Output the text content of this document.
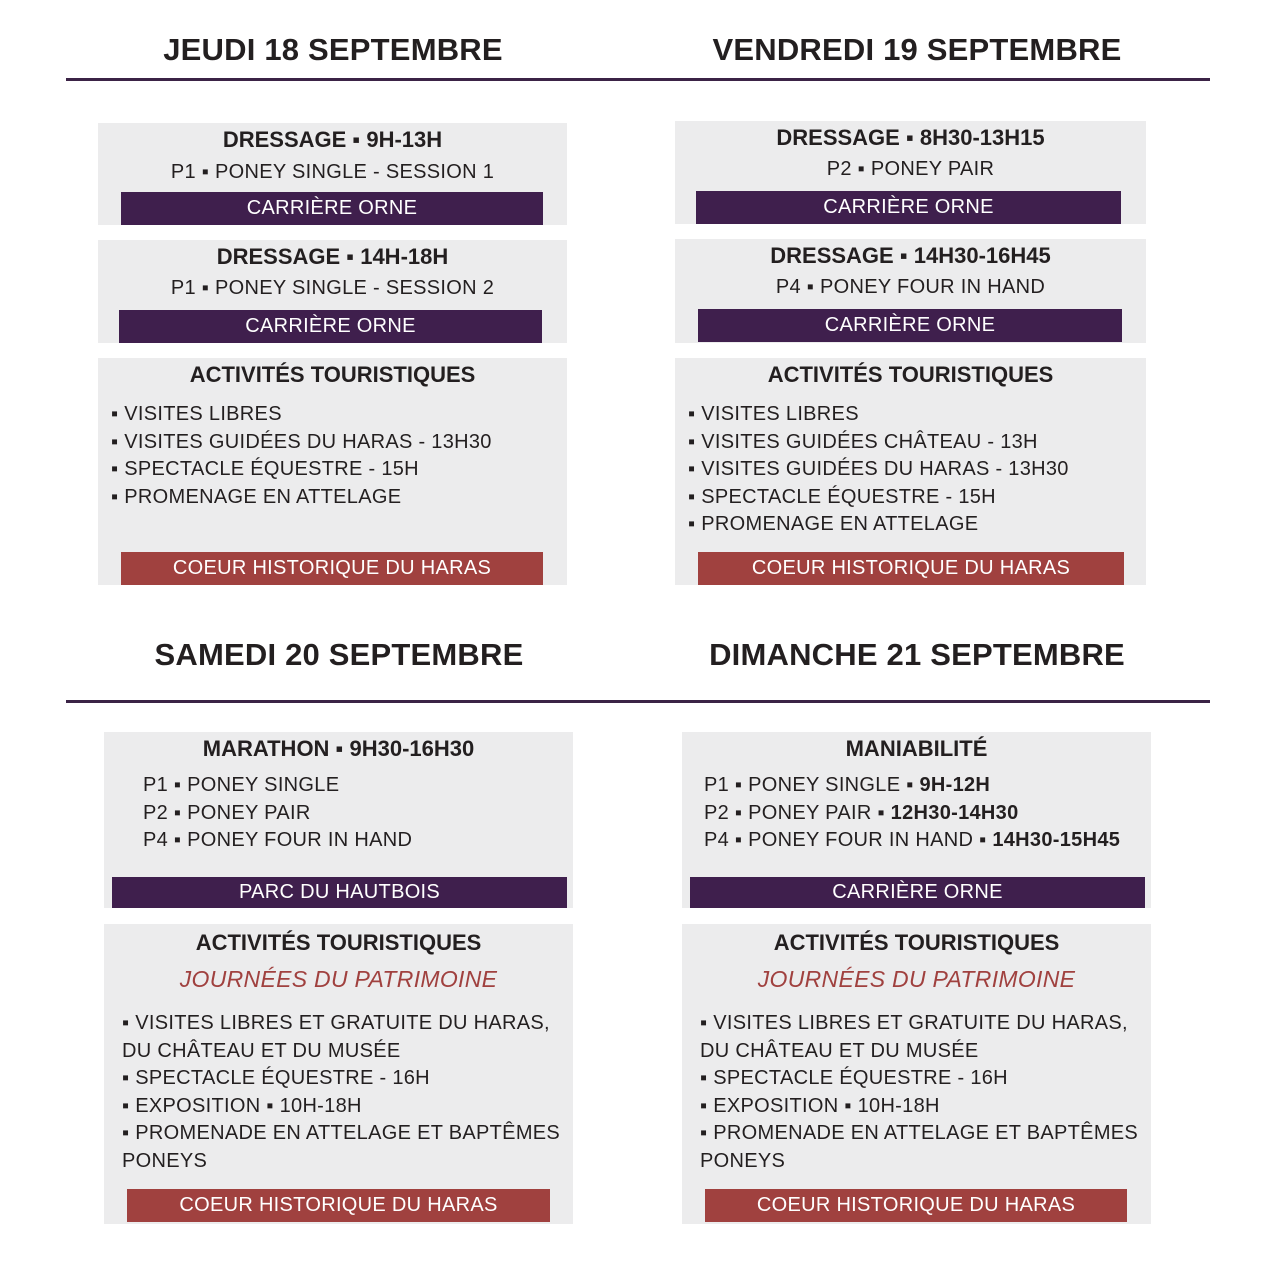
JEUDI 18 SEPTEMBRE	VENDREDI 19 SEPTEMBRE
DRESSAGE ▪ 9H-13H
P1 ▪ PONEY SINGLE - SESSION 1
CARRIÈRE ORNE
DRESSAGE ▪ 14H-18H
P1 ▪ PONEY SINGLE - SESSION 2
CARRIÈRE ORNE
ACTIVITÉS TOURISTIQUES
▪ VISITES LIBRES
▪ VISITES GUIDÉES DU HARAS - 13H30
▪ SPECTACLE ÉQUESTRE - 15H
▪ PROMENAGE EN ATTELAGE
COEUR HISTORIQUE DU HARAS
DRESSAGE ▪ 8H30-13H15
P2 ▪ PONEY PAIR
CARRIÈRE ORNE
DRESSAGE ▪ 14H30-16H45
P4 ▪ PONEY FOUR IN HAND
CARRIÈRE ORNE
ACTIVITÉS TOURISTIQUES
▪ VISITES LIBRES
▪ VISITES GUIDÉES CHÂTEAU - 13H
▪ VISITES GUIDÉES DU HARAS - 13H30
▪ SPECTACLE ÉQUESTRE - 15H
▪ PROMENAGE EN ATTELAGE
COEUR HISTORIQUE DU HARAS
SAMEDI 20 SEPTEMBRE	DIMANCHE 21 SEPTEMBRE
MARATHON ▪ 9H30-16H30
P1 ▪ PONEY SINGLE
P2 ▪ PONEY PAIR
P4 ▪ PONEY FOUR IN HAND
PARC DU HAUTBOIS
ACTIVITÉS TOURISTIQUES
JOURNÉES DU PATRIMOINE
▪ VISITES LIBRES ET GRATUITE DU HARAS, DU CHÂTEAU ET DU MUSÉE
▪ SPECTACLE ÉQUESTRE - 16H
▪ EXPOSITION ▪ 10H-18H
▪ PROMENADE EN ATTELAGE ET BAPTÊMES PONEYS
COEUR HISTORIQUE DU HARAS
MANIABILITÉ
P1 ▪ PONEY SINGLE ▪ 9H-12H
P2 ▪ PONEY PAIR ▪ 12H30-14H30
P4 ▪ PONEY FOUR IN HAND ▪ 14H30-15H45
CARRIÈRE ORNE
ACTIVITÉS TOURISTIQUES
JOURNÉES DU PATRIMOINE
▪ VISITES LIBRES ET GRATUITE DU HARAS, DU CHÂTEAU ET DU MUSÉE
▪ SPECTACLE ÉQUESTRE - 16H
▪ EXPOSITION ▪ 10H-18H
▪ PROMENADE EN ATTELAGE ET BAPTÊMES PONEYS
COEUR HISTORIQUE DU HARAS
